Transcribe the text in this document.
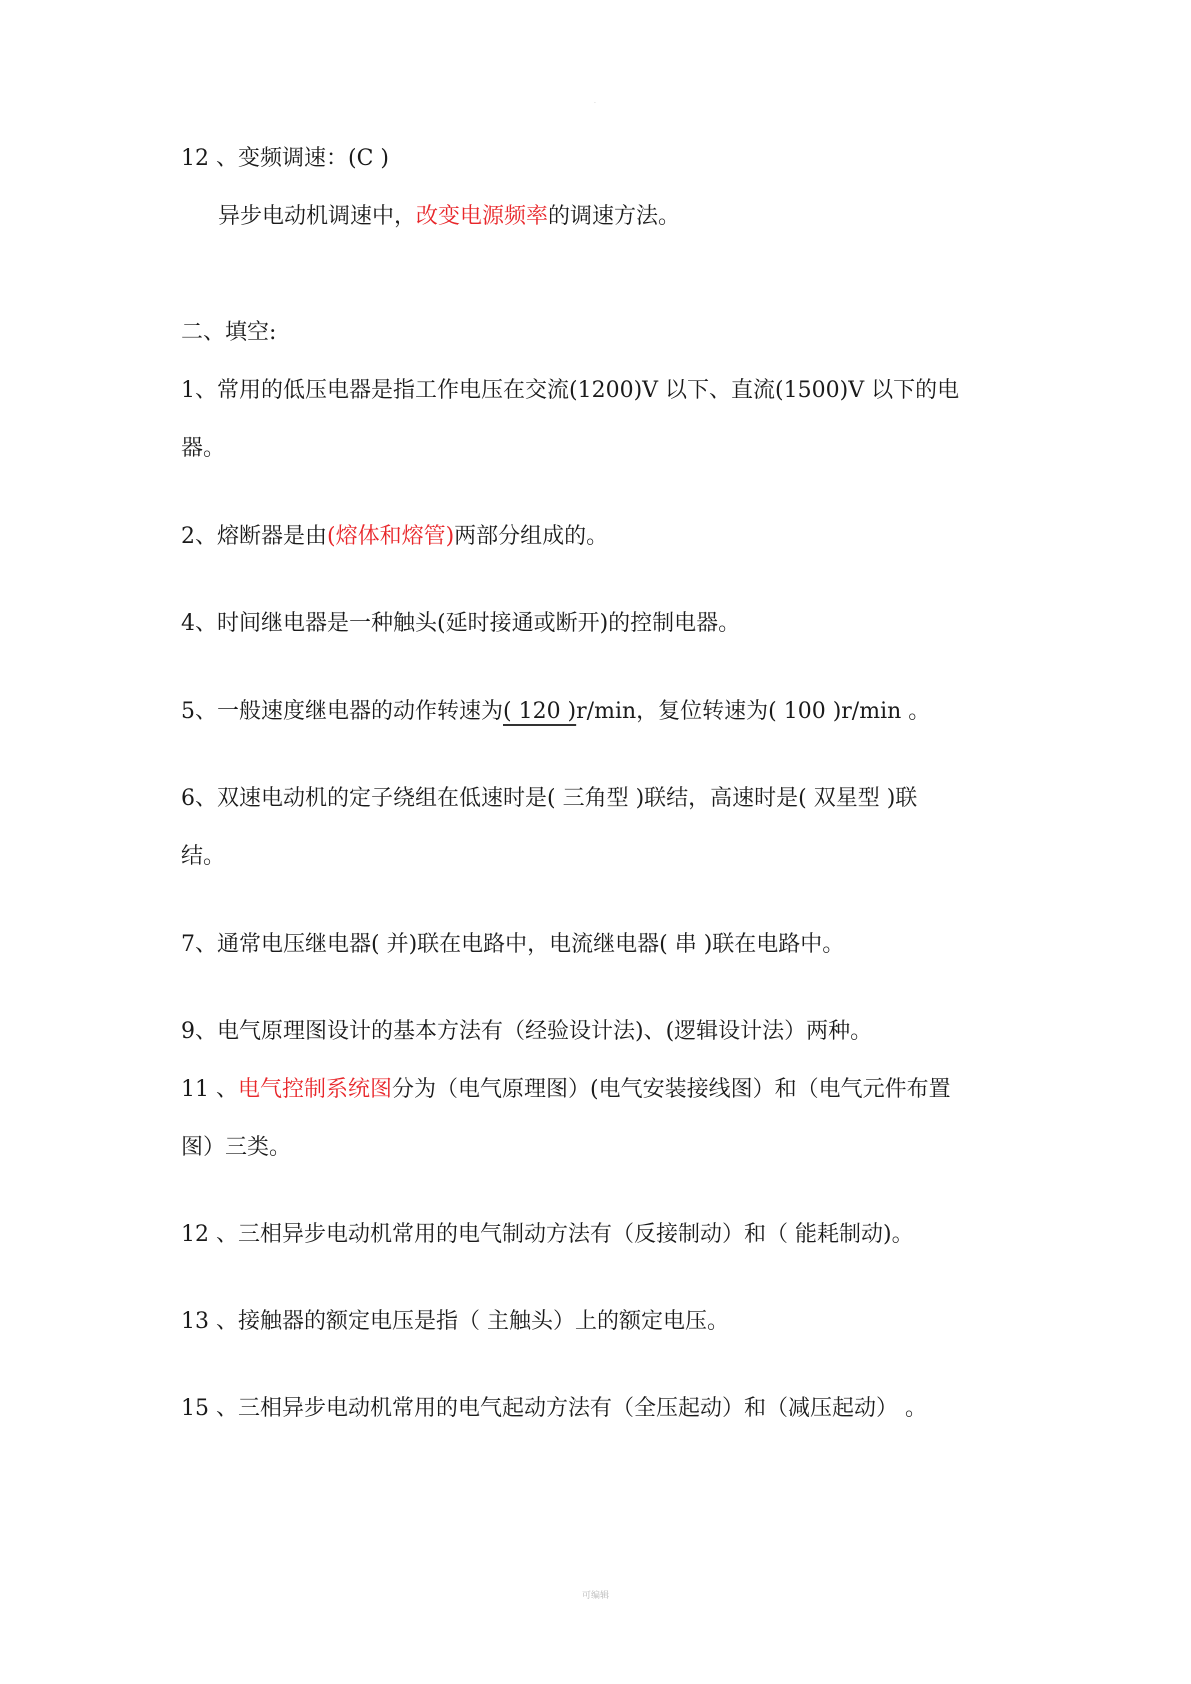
·
12 、变频调速：(C )
异步电动机调速中，改变电源频率的调速方法。
二、填空:
1、常用的低压电器是指工作电压在交流(1200)V 以下、直流(1500)V 以下的电
器。
2、熔断器是由(熔体和熔管)两部分组成的。
4、时间继电器是一种触头(延时接通或断开)的控制电器。
5、一般速度继电器的动作转速为( 120 )r/min，复位转速为( 100 )r/min 。
6、双速电动机的定子绕组在低速时是( 三角型 )联结，高速时是( 双星型 )联
结。
7、通常电压继电器( 并)联在电路中，电流继电器( 串 )联在电路中。
9、电气原理图设计的基本方法有（经验设计法)、(逻辑设计法）两种。
11 、电气控制系统图分为（电气原理图）(电气安装接线图）和（电气元件布置
图）三类。
12 、三相异步电动机常用的电气制动方法有（反接制动）和（ 能耗制动)。
13 、接触器的额定电压是指（ 主触头）上的额定电压。
15 、三相异步电动机常用的电气起动方法有（全压起动）和（减压起动） 。
可编辑
